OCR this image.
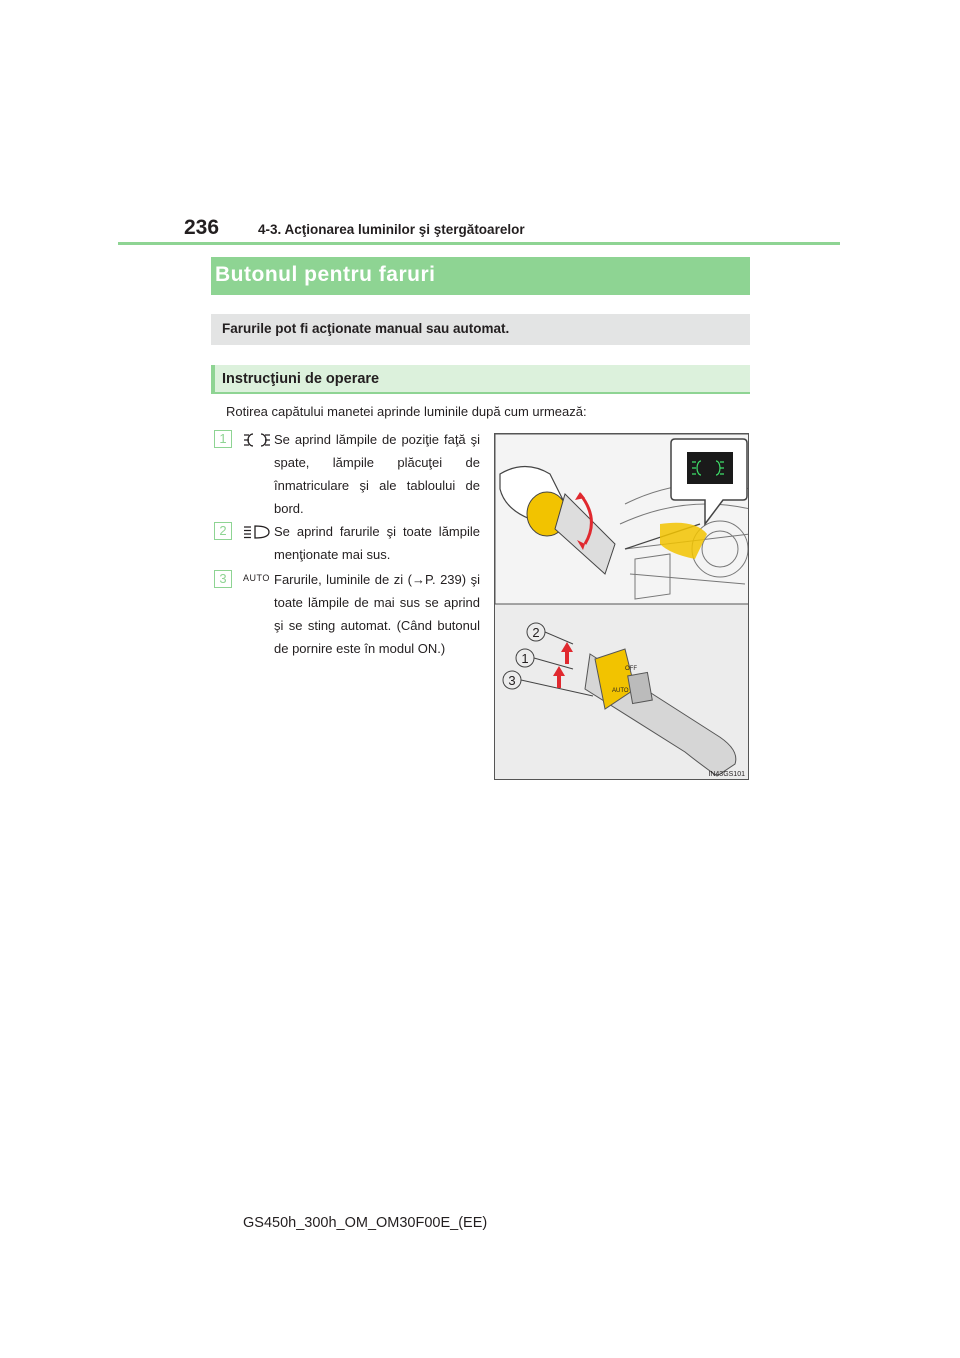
236	4-3. Acţionarea luminilor şi ştergătoarelor
Butonul pentru faruri
Farurile pot fi acţionate manual sau automat.
Instrucţiuni de operare
Rotirea capătului manetei aprinde luminile după cum urmează:
1	Se aprind lămpile de poziţie faţă şi spate, lămpile plăcuţei de înmatriculare şi ale tabloului de bord.
2	Se aprind farurile şi toate lămpile menţionate mai sus.
3	AUTO Farurile, luminile de zi (→P. 239) şi toate lămpile de mai sus se aprind şi se sting automat. (Când butonul de pornire este în modul ON.)
2
1
3
AUTO
OFF
IN43GS101
GS450h_300h_OM_OM30F00E_(EE)
